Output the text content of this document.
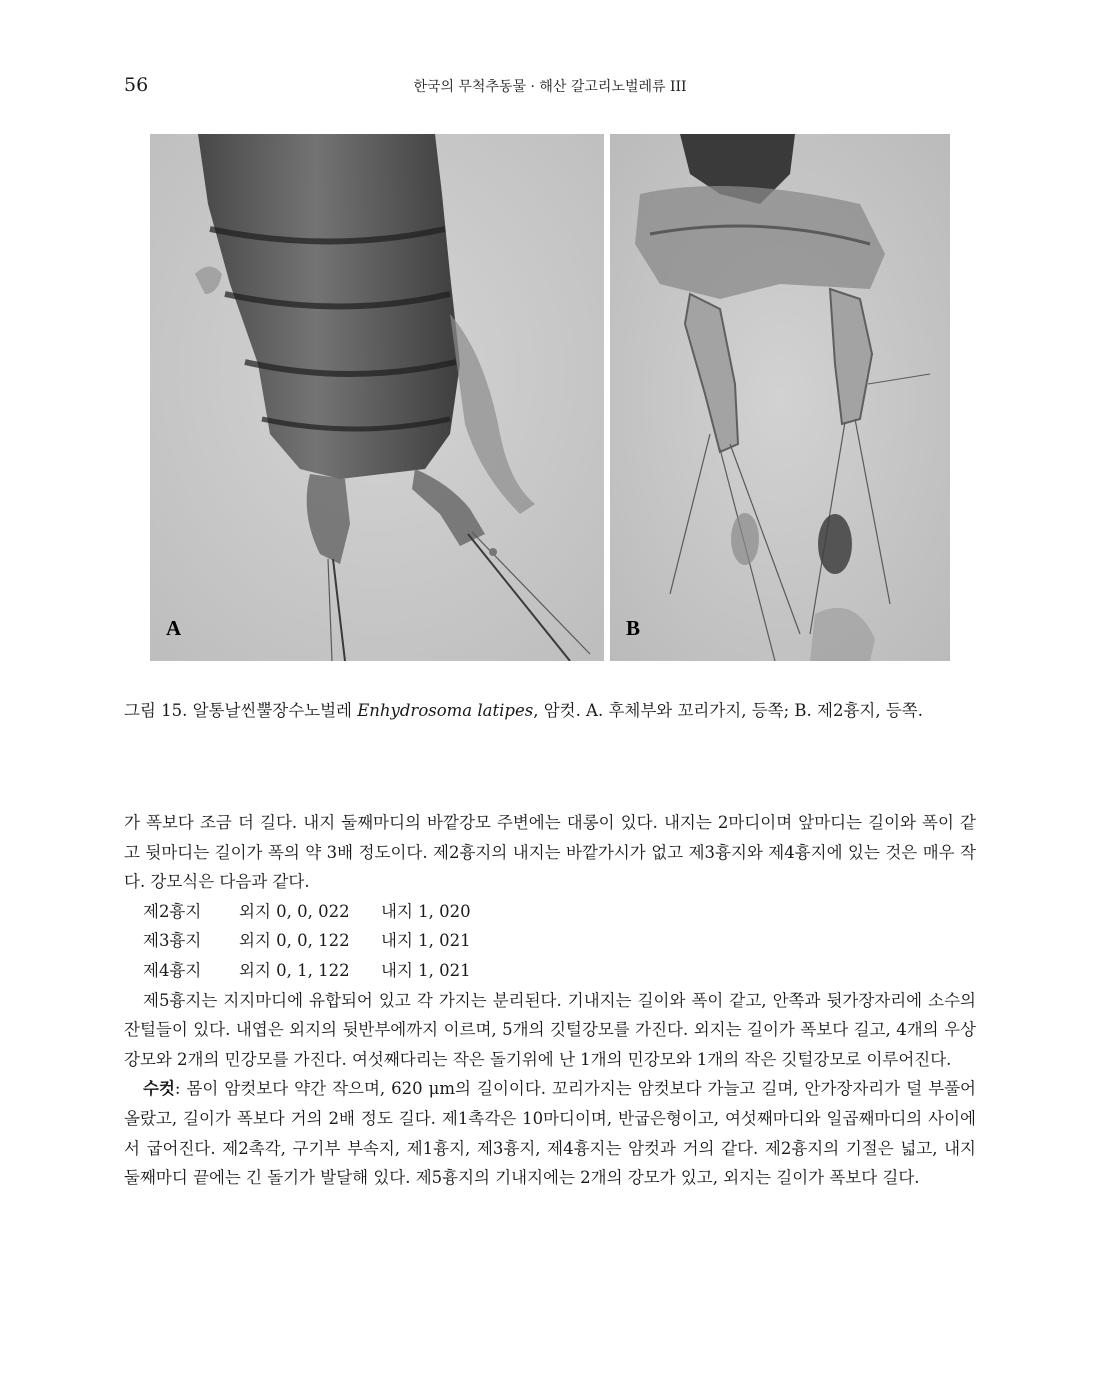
56	한국의 무척추동물 · 해산 갈고리노벌레류 III
A	B
그림 15. 알통날씬뿔장수노벌레 Enhydrosoma latipes, 암컷. A. 후체부와 꼬리가지, 등쪽; B. 제2흉지, 등쪽.

가 폭보다 조금 더 길다. 내지 둘째마디의 바깥강모 주변에는 대롱이 있다. 내지는 2마디이며 앞마디는 길이와 폭이 같고 뒷마디는 길이가 폭의 약 3배 정도이다. 제2흉지의 내지는 바깥가시가 없고 제3흉지와 제4흉지에 있는 것은 매우 작다. 강모식은 다음과 같다.

제2흉지	외지 0, 0, 022	내지 1, 020
제3흉지	외지 0, 0, 122	내지 1, 021
제4흉지	외지 0, 1, 122	내지 1, 021

제5흉지는 지지마디에 유합되어 있고 각 가지는 분리된다. 기내지는 길이와 폭이 같고, 안쪽과 뒷가장자리에 소수의 잔털들이 있다. 내엽은 외지의 뒷반부에까지 이르며, 5개의 깃털강모를 가진다. 외지는 길이가 폭보다 길고, 4개의 우상강모와 2개의 민강모를 가진다. 여섯째다리는 작은 돌기위에 난 1개의 민강모와 1개의 작은 깃털강모로 이루어진다.

수컷: 몸이 암컷보다 약간 작으며, 620 μm의 길이이다. 꼬리가지는 암컷보다 가늘고 길며, 안가장자리가 덜 부풀어올랐고, 길이가 폭보다 거의 2배 정도 길다. 제1촉각은 10마디이며, 반굽은형이고, 여섯째마디와 일곱째마디의 사이에서 굽어진다. 제2촉각, 구기부 부속지, 제1흉지, 제3흉지, 제4흉지는 암컷과 거의 같다. 제2흉지의 기절은 넓고, 내지 둘째마디 끝에는 긴 돌기가 발달해 있다. 제5흉지의 기내지에는 2개의 강모가 있고, 외지는 길이가 폭보다 길다.
